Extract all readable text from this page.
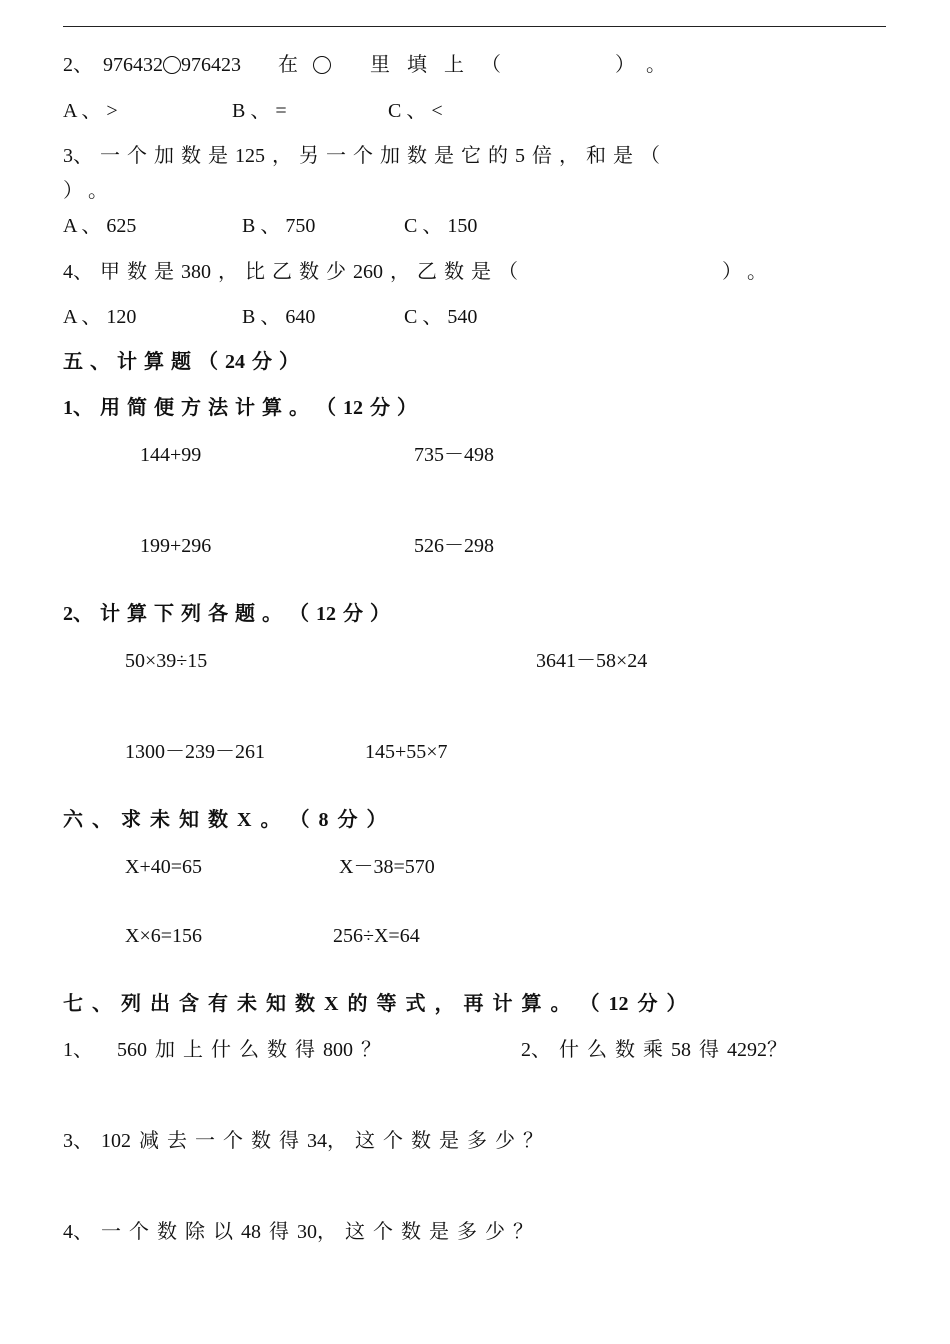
2、 976432 976423 在	里 填 上 （	） 。
A 、 >	B 、 =	C 、 <
3、 一 个 加 数 是 125 ， 另 一 个 加 数 是 它 的 5 倍 ， 和 是 （
） 。
A 、 625	B 、 750	C 、 150
4、 甲 数 是 380 ， 比 乙 数 少 260 ， 乙 数 是 （	） 。
A 、 120	B 、 640	C 、 540
五 、 计 算 题 （ 24 分 ）
1、 用 简 便 方 法 计 算 。 （ 12 分 ）
144+99	735－498
199+296	526－298
2、 计 算 下 列 各 题 。 （ 12 分 ）
50×39÷15	3641－58×24
1300－239－261	145+55×7
六 、 求 未 知 数 X 。 （ 8 分 ）
X+40=65	X－38=570
X×6=156	256÷X=64
七 、 列 出 含 有 未 知 数 X 的 等 式 ， 再 计 算 。 （ 12 分 ）
1、   560 加 上 什 么 数 得 800 ？	2、 什 么 数 乘 58 得 4292？
3、 102 减 去 一 个 数 得 34， 这 个 数 是 多 少 ？
4、 一 个 数 除 以 48 得 30， 这 个 数 是 多 少 ？
